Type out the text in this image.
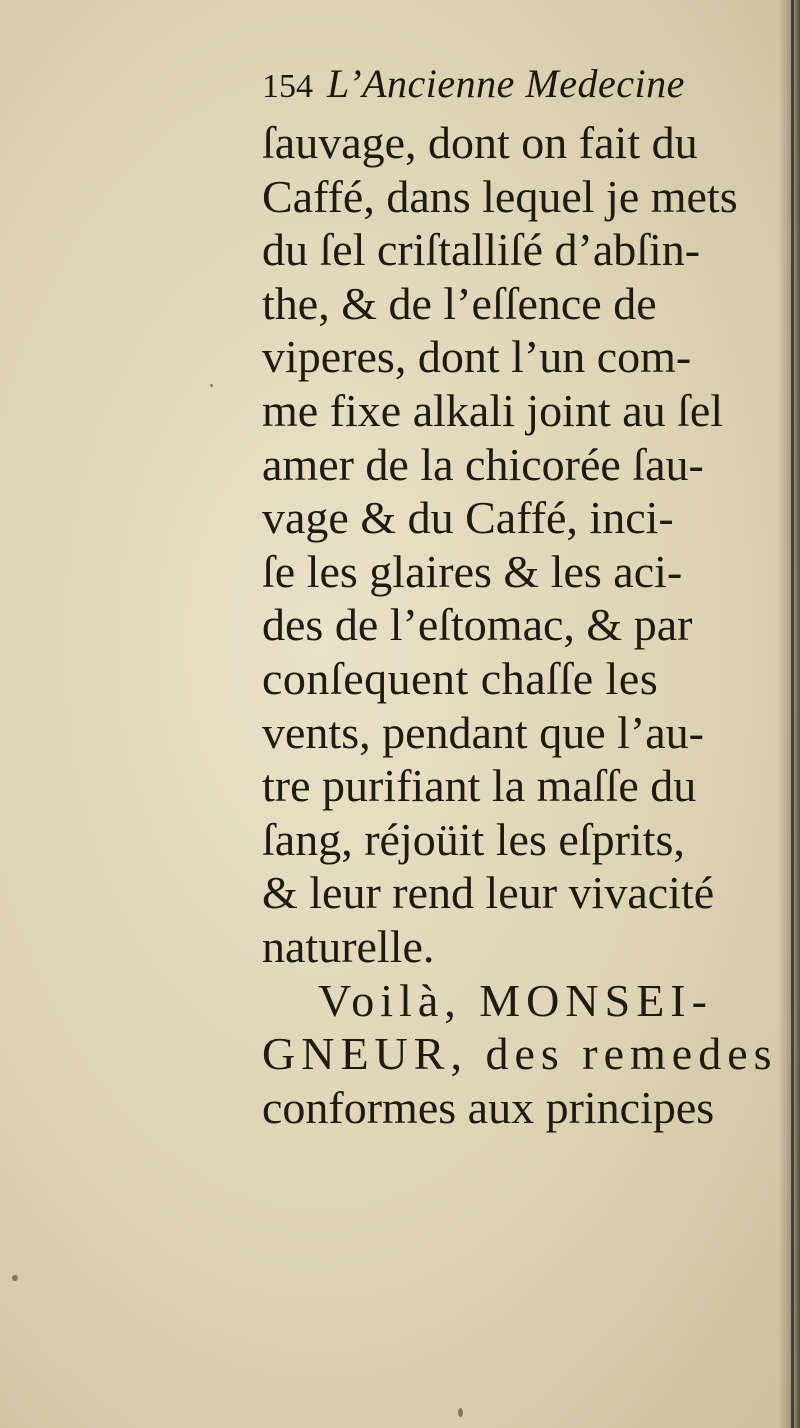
154 L’Ancienne Medecine
ſauvage, dont on fait du
Caffé, dans lequel je mets
du ſel criſtalliſé d’abſin-
the, & de l’eſſence de
viperes, dont l’un com-
me fixe alkali joint au ſel
amer de la chicorée ſau-
vage & du Caffé, inci-
ſe les glaires & les aci-
des de l’eſtomac, & par
conſequent chaſſe les
vents, pendant que l’au-
tre purifiant la maſſe du
ſang, réjoüit les eſprits,
& leur rend leur vivacité
naturelle.
Voilà, MONSEI-
GNEUR, des remedes
conformes aux principes
